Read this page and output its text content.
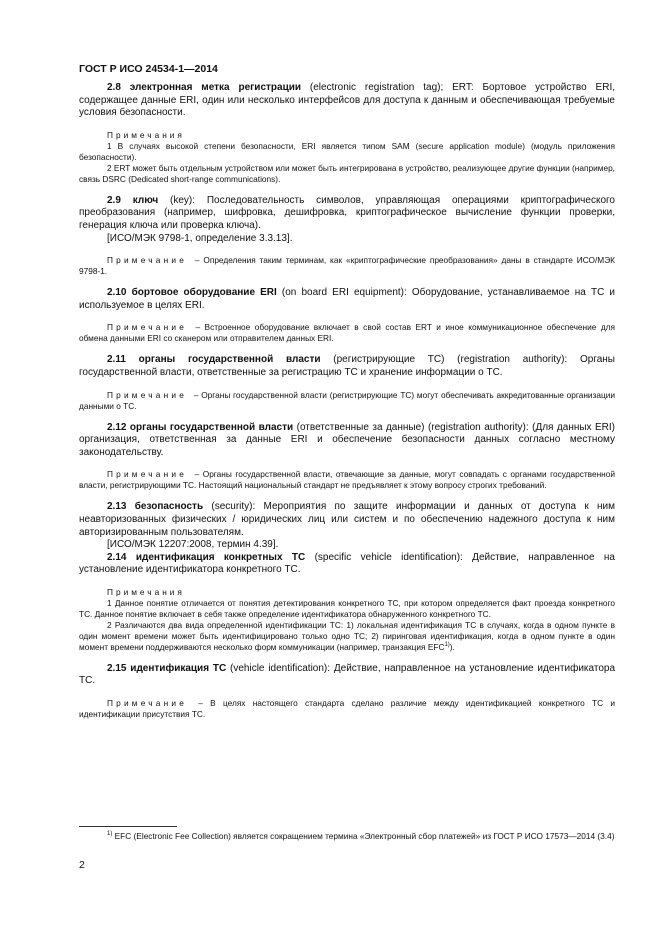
ГОСТ Р ИСО 24534-1—2014

2.8 электронная метка регистрации (electronic registration tag); ERT: Бортовое устройство ERI, содержащее данные ERI, один или несколько интерфейсов для доступа к данным и обеспечивающая требуемые условия безопасности.

Примечания

1 В случаях высокой степени безопасности, ERI является типом SAM (secure application module) (модуль приложения безопасности).

2 ERT может быть отдельным устройством или может быть интегрирована в устройство, реализующее другие функции (например, связь DSRC (Dedicated short-range communications).

2.9 ключ (key): Последовательность символов, управляющая операциями криптографического преобразования (например, шифровка, дешифровка, криптографическое вычисление функции проверки, генерация ключа или проверка ключа).

[ИСО/МЭК 9798-1, определение 3.3.13].

Примечание – Определения таким терминам, как «криптографические преобразования» даны в стандарте ИСО/МЭК 9798-1.

2.10 бортовое оборудование ERI (on board ERI equipment): Оборудование, устанавливаемое на ТС и используемое в целях ERI.

Примечание – Встроенное оборудование включает в свой состав ERT и иное коммуникационное обеспечение для обмена данными ERI со сканером или отправителем данных ERI.

2.11 органы государственной власти (регистрирующие ТС) (registration authority): Органы государственной власти, ответственные за регистрацию ТС и хранение информации о ТС.

Примечание – Органы государственной власти (регистрирующие ТС) могут обеспечивать аккредитованные организации данными о ТС.

2.12 органы государственной власти (ответственные за данные) (registration authority): (Для данных ERI) организация, ответственная за данные ERI и обеспечение безопасности данных согласно местному законодательству.

Примечание – Органы государственной власти, отвечающие за данные, могут совпадать с органами государственной власти, регистрирующими ТС. Настоящий национальный стандарт не предъявляет к этому вопросу строгих требований.

2.13 безопасность (security): Мероприятия по защите информации и данных от доступа к ним неавторизованных физических / юридических лиц или систем и по обеспечению надежного доступа к ним авторизированным пользователям.

[ИСО/МЭК 12207:2008, термин 4.39].

2.14 идентификация конкретных ТС (specific vehicle identification): Действие, направленное на установление идентификатора конкретного ТС.

Примечания

1 Данное понятие отличается от понятия детектирования конкретного ТС, при котором определяется факт проезда конкретного ТС. Данное понятие включает в себя также определение идентификатора обнаруженного конкретного ТС.

2 Различаются два вида определенной идентификации ТС: 1) локальная идентификация ТС в случаях, когда в одном пункте в один момент времени может быть идентифицировано только одно ТС; 2) пиринговая идентификация, когда в одном пункте в один момент времени поддерживаются несколько форм коммуникации (например, транзакция EFC$^{1)}$).

2.15 идентификация ТС (vehicle identification): Действие, направленное на установление идентификатора ТС.

Примечание – В целях настоящего стандарта сделано различие между идентификацией конкретного ТС и идентификации присутствия ТС.

$^{1)}$ EFC (Electronic Fee Collection) является сокращением термина «Электронный сбор платежей» из ГОСТ Р ИСО 17573—2014 (3.4)

2
